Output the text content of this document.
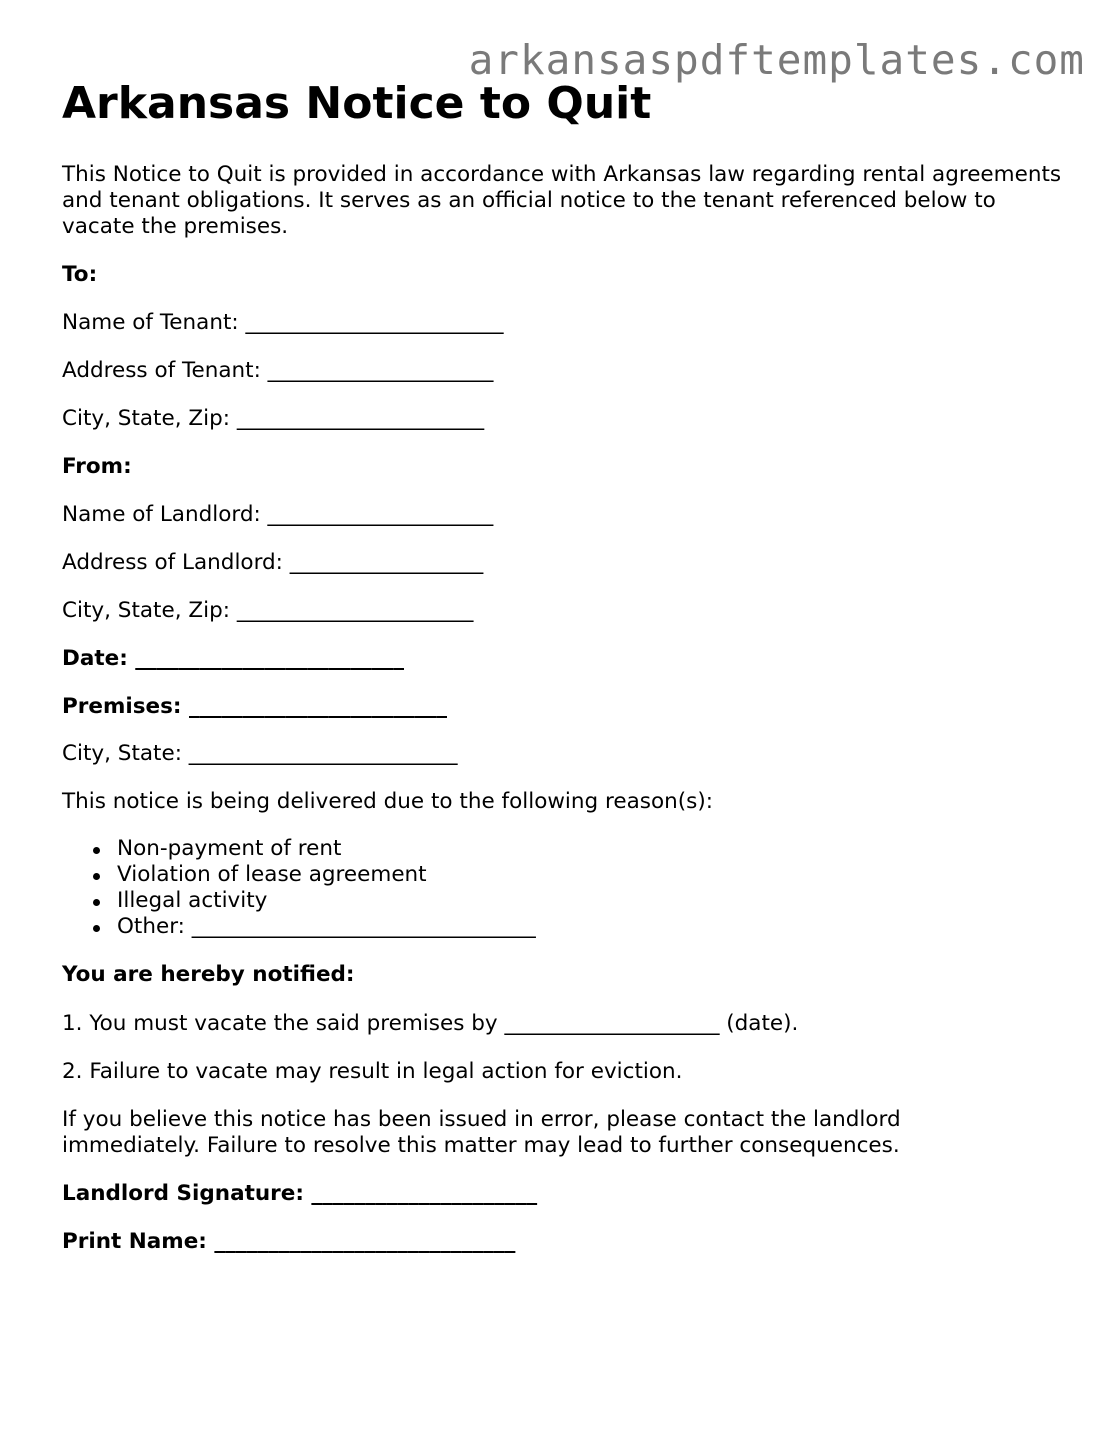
arkansaspdftemplates.com
Arkansas Notice to Quit

This Notice to Quit is provided in accordance with Arkansas law regarding rental agreements and tenant obligations. It serves as an official notice to the tenant referenced below to vacate the premises.

To:

Name of Tenant: ________________________

Address of Tenant: _____________________

City, State, Zip: _______________________

From:

Name of Landlord: _____________________

Address of Landlord: __________________

City, State, Zip: ______________________

Date: _________________________

Premises: ________________________

City, State: _________________________

This notice is being delivered due to the following reason(s):

Non-payment of rent
Violation of lease agreement
Illegal activity
Other: ________________________________

You are hereby notified:

1. You must vacate the said premises by ____________________ (date).

2. Failure to vacate may result in legal action for eviction.

If you believe this notice has been issued in error, please contact the landlord immediately. Failure to resolve this matter may lead to further consequences.

Landlord Signature: _____________________

Print Name: ____________________________
